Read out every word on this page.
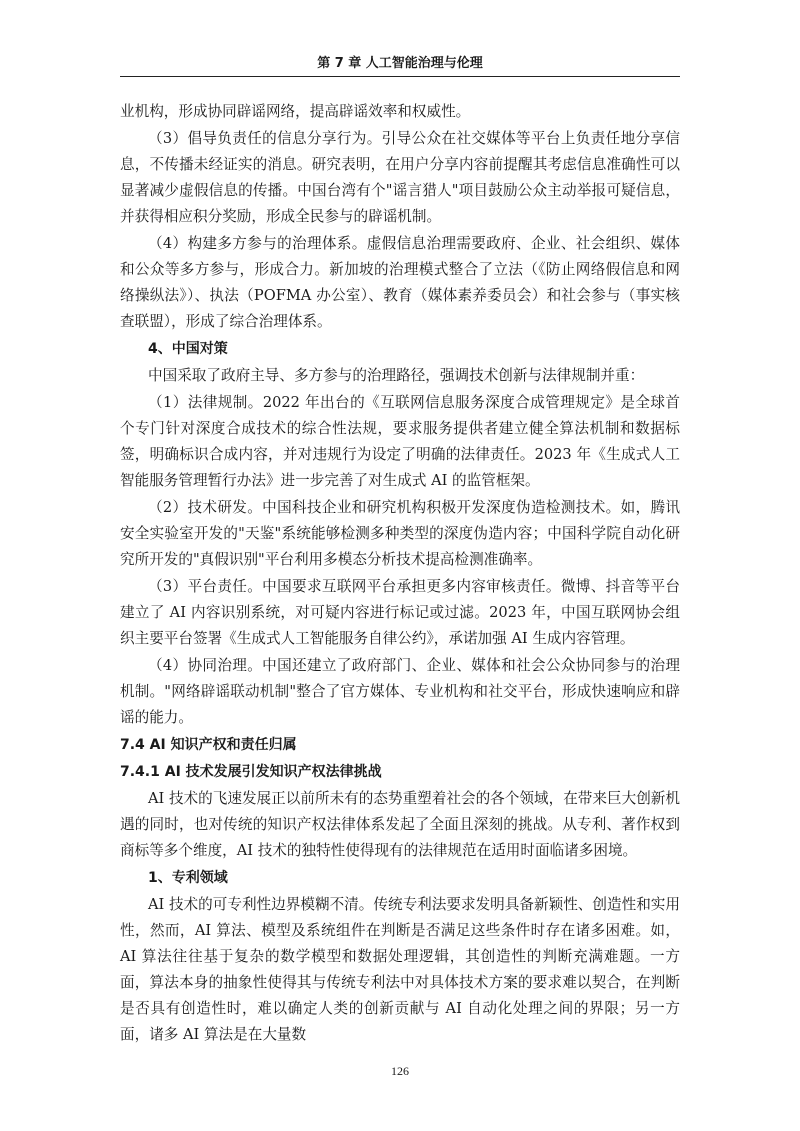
第 7 章 人工智能治理与伦理

业机构，形成协同辟谣网络，提高辟谣效率和权威性。

（3）倡导负责任的信息分享行为。引导公众在社交媒体等平台上负责任地分享信息，不传播未经证实的消息。研究表明，在用户分享内容前提醒其考虑信息准确性可以显著减少虚假信息的传播。中国台湾有个"谣言猎人"项目鼓励公众主动举报可疑信息，并获得相应积分奖励，形成全民参与的辟谣机制。

（4）构建多方参与的治理体系。虚假信息治理需要政府、企业、社会组织、媒体和公众等多方参与，形成合力。新加坡的治理模式整合了立法（《防止网络假信息和网络操纵法》）、执法（POFMA 办公室）、教育（媒体素养委员会）和社会参与（事实核查联盟），形成了综合治理体系。

4、中国对策

中国采取了政府主导、多方参与的治理路径，强调技术创新与法律规制并重：

（1）法律规制。2022 年出台的《互联网信息服务深度合成管理规定》是全球首个专门针对深度合成技术的综合性法规，要求服务提供者建立健全算法机制和数据标签，明确标识合成内容，并对违规行为设定了明确的法律责任。2023 年《生成式人工智能服务管理暂行办法》进一步完善了对生成式 AI 的监管框架。

（2）技术研发。中国科技企业和研究机构积极开发深度伪造检测技术。如，腾讯安全实验室开发的"天鉴"系统能够检测多种类型的深度伪造内容；中国科学院自动化研究所开发的"真假识别"平台利用多模态分析技术提高检测准确率。

（3）平台责任。中国要求互联网平台承担更多内容审核责任。微博、抖音等平台建立了 AI 内容识别系统，对可疑内容进行标记或过滤。2023 年，中国互联网协会组织主要平台签署《生成式人工智能服务自律公约》，承诺加强 AI 生成内容管理。

（4）协同治理。中国还建立了政府部门、企业、媒体和社会公众协同参与的治理机制。"网络辟谣联动机制"整合了官方媒体、专业机构和社交平台，形成快速响应和辟谣的能力。

7.4 AI 知识产权和责任归属
7.4.1 AI 技术发展引发知识产权法律挑战

AI 技术的飞速发展正以前所未有的态势重塑着社会的各个领域，在带来巨大创新机遇的同时，也对传统的知识产权法律体系发起了全面且深刻的挑战。从专利、著作权到商标等多个维度，AI 技术的独特性使得现有的法律规范在适用时面临诸多困境。

1、专利领域

AI 技术的可专利性边界模糊不清。传统专利法要求发明具备新颖性、创造性和实用性，然而，AI 算法、模型及系统组件在判断是否满足这些条件时存在诸多困难。如，AI 算法往往基于复杂的数学模型和数据处理逻辑，其创造性的判断充满难题。一方面，算法本身的抽象性使得其与传统专利法中对具体技术方案的要求难以契合，在判断是否具有创造性时，难以确定人类的创新贡献与 AI 自动化处理之间的界限；另一方面，诸多 AI 算法是在大量数

126
